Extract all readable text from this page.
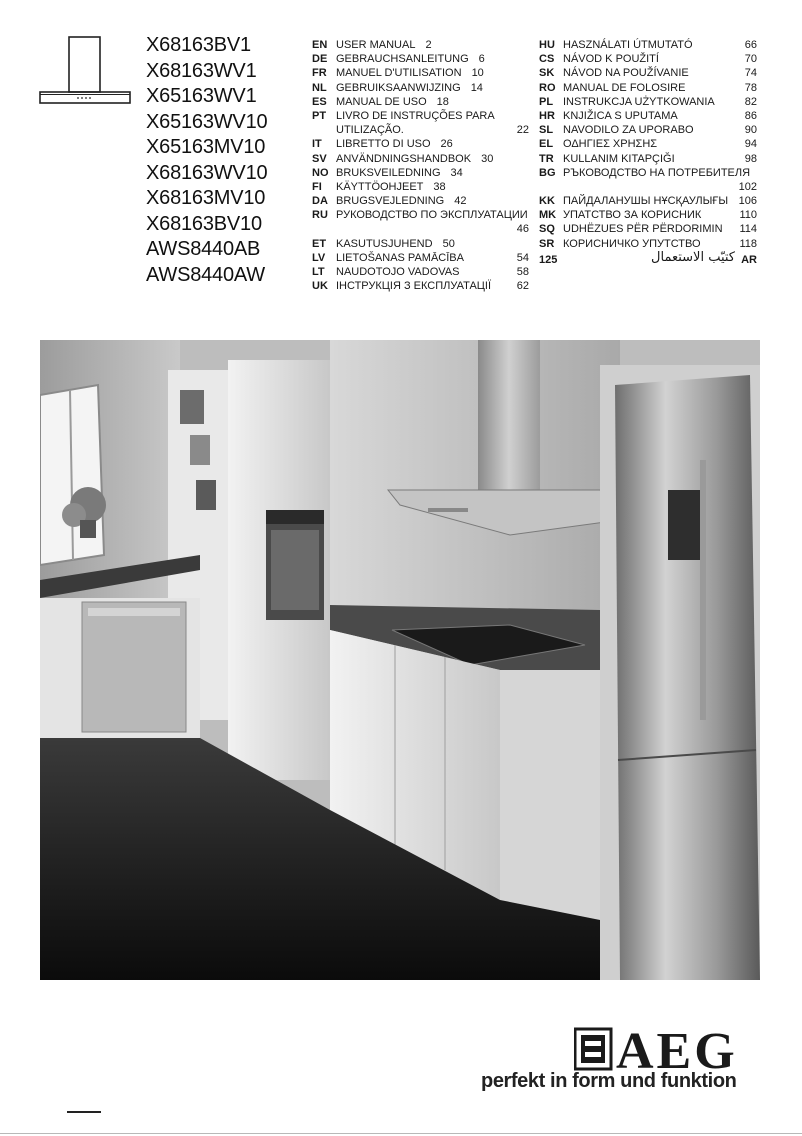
X68163BV1
X68163WV1
X65163WV1
X65163WV10
X65163MV10
X68163WV10
X68163MV10
X68163BV10
AWS8440AB
AWS8440AW
EN USER MANUAL 2
DE GEBRAUCHSANLEITUNG 6
FR MANUEL D'UTILISATION 10
NL GEBRUIKSAANWIJZING 14
ES MANUAL DE USO 18
PT LIVRO DE INSTRUÇÕES PARA
UTILIZAÇÃO.	22
IT LIBRETTO DI USO 26
SV ANVÄNDNINGSHANDBOK 30
NO BRUKSVEILEDNING 34
FI KÄYTTÖOHJEET 38
DA BRUGSVEJLEDNING 42
RU РУКОВОДСТВО ПО ЭКСПЛУАТАЦИИ
46
ET KASUTUSJUHEND 50
LV LIETOŠANAS PAMĀCĪBA	54
LT NAUDOTOJO VADOVAS	58
UK ІНСТРУКЦІЯ З ЕКСПЛУАТАЦІЇ 62
HU HASZNÁLATI ÚTMUTATÓ	66
CS NÁVOD K POUŽITÍ	70
SK NÁVOD NA POUŽÍVANIE	74
RO MANUAL DE FOLOSIRE	78
PL INSTRUKCJA UŻYTKOWANIA	82
HR KNJIŽICA S UPUTAMA	86
SL NAVODILO ZA UPORABO	90
EL ΟΔΗΓΙΕΣ ΧΡΗΣΗΣ	94
TR KULLANIM KITAPÇIĞI	98
BG РЪКОВОДСТВО НА ПОТРЕБИТЕЛЯ
102
KK ПАЙДАЛАНУШЫ НҰСҚАУЛЫҒЫ 106
MK УПАТСТВО ЗА КОРИСНИК	110
SQ UDHËZUES PËR PËRDORIMIN 114
SR КОРИСНИЧКО УПУТСТВО	118
125	كتيّب الاستعمال AR
AEG
perfekt in form und funktion
